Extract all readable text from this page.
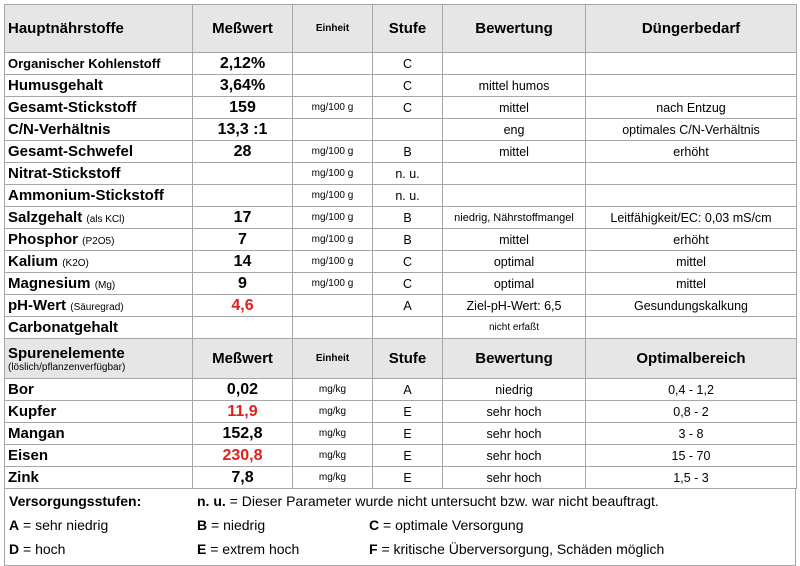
Hauptnährstoffe	Meßwert	Einheit	Stufe	Bewertung	Düngerbedarf
Organischer Kohlenstoff	2,12%		C		
Humusgehalt	3,64%		C	mittel humos	
Gesamt-Stickstoff	159	mg/100 g	C	mittel	nach Entzug
C/N-Verhältnis	13,3 :1			eng	optimales C/N-Verhältnis
Gesamt-Schwefel	28	mg/100 g	B	mittel	erhöht
Nitrat-Stickstoff		mg/100 g	n. u.		
Ammonium-Stickstoff		mg/100 g	n. u.		
Salzgehalt (als KCl)	17	mg/100 g	B	niedrig, Nährstoffmangel	Leitfähigkeit/EC: 0,03 mS/cm
Phosphor (P2O5)	7	mg/100 g	B	mittel	erhöht
Kalium (K2O)	14	mg/100 g	C	optimal	mittel
Magnesium (Mg)	9	mg/100 g	C	optimal	mittel
pH-Wert (Säuregrad)	4,6		A	Ziel-pH-Wert: 6,5	Gesundungskalkung
Carbonatgehalt				nicht erfaßt	
Spurenelemente
(löslich/pflanzenverfügbar)	Meßwert	Einheit	Stufe	Bewertung	Optimalbereich
Bor	0,02	mg/kg	A	niedrig	0,4 - 1,2
Kupfer	11,9	mg/kg	E	sehr hoch	0,8 - 2
Mangan	152,8	mg/kg	E	sehr hoch	3 - 8
Eisen	230,8	mg/kg	E	sehr hoch	15 - 70
Zink	7,8	mg/kg	E	sehr hoch	1,5 - 3
Versorgungsstufen:	n. u. = Dieser Parameter wurde nicht untersucht bzw. war nicht beauftragt.
A = sehr niedrig	B = niedrig	C = optimale Versorgung
D = hoch	E = extrem hoch	F = kritische Überversorgung, Schäden möglich
